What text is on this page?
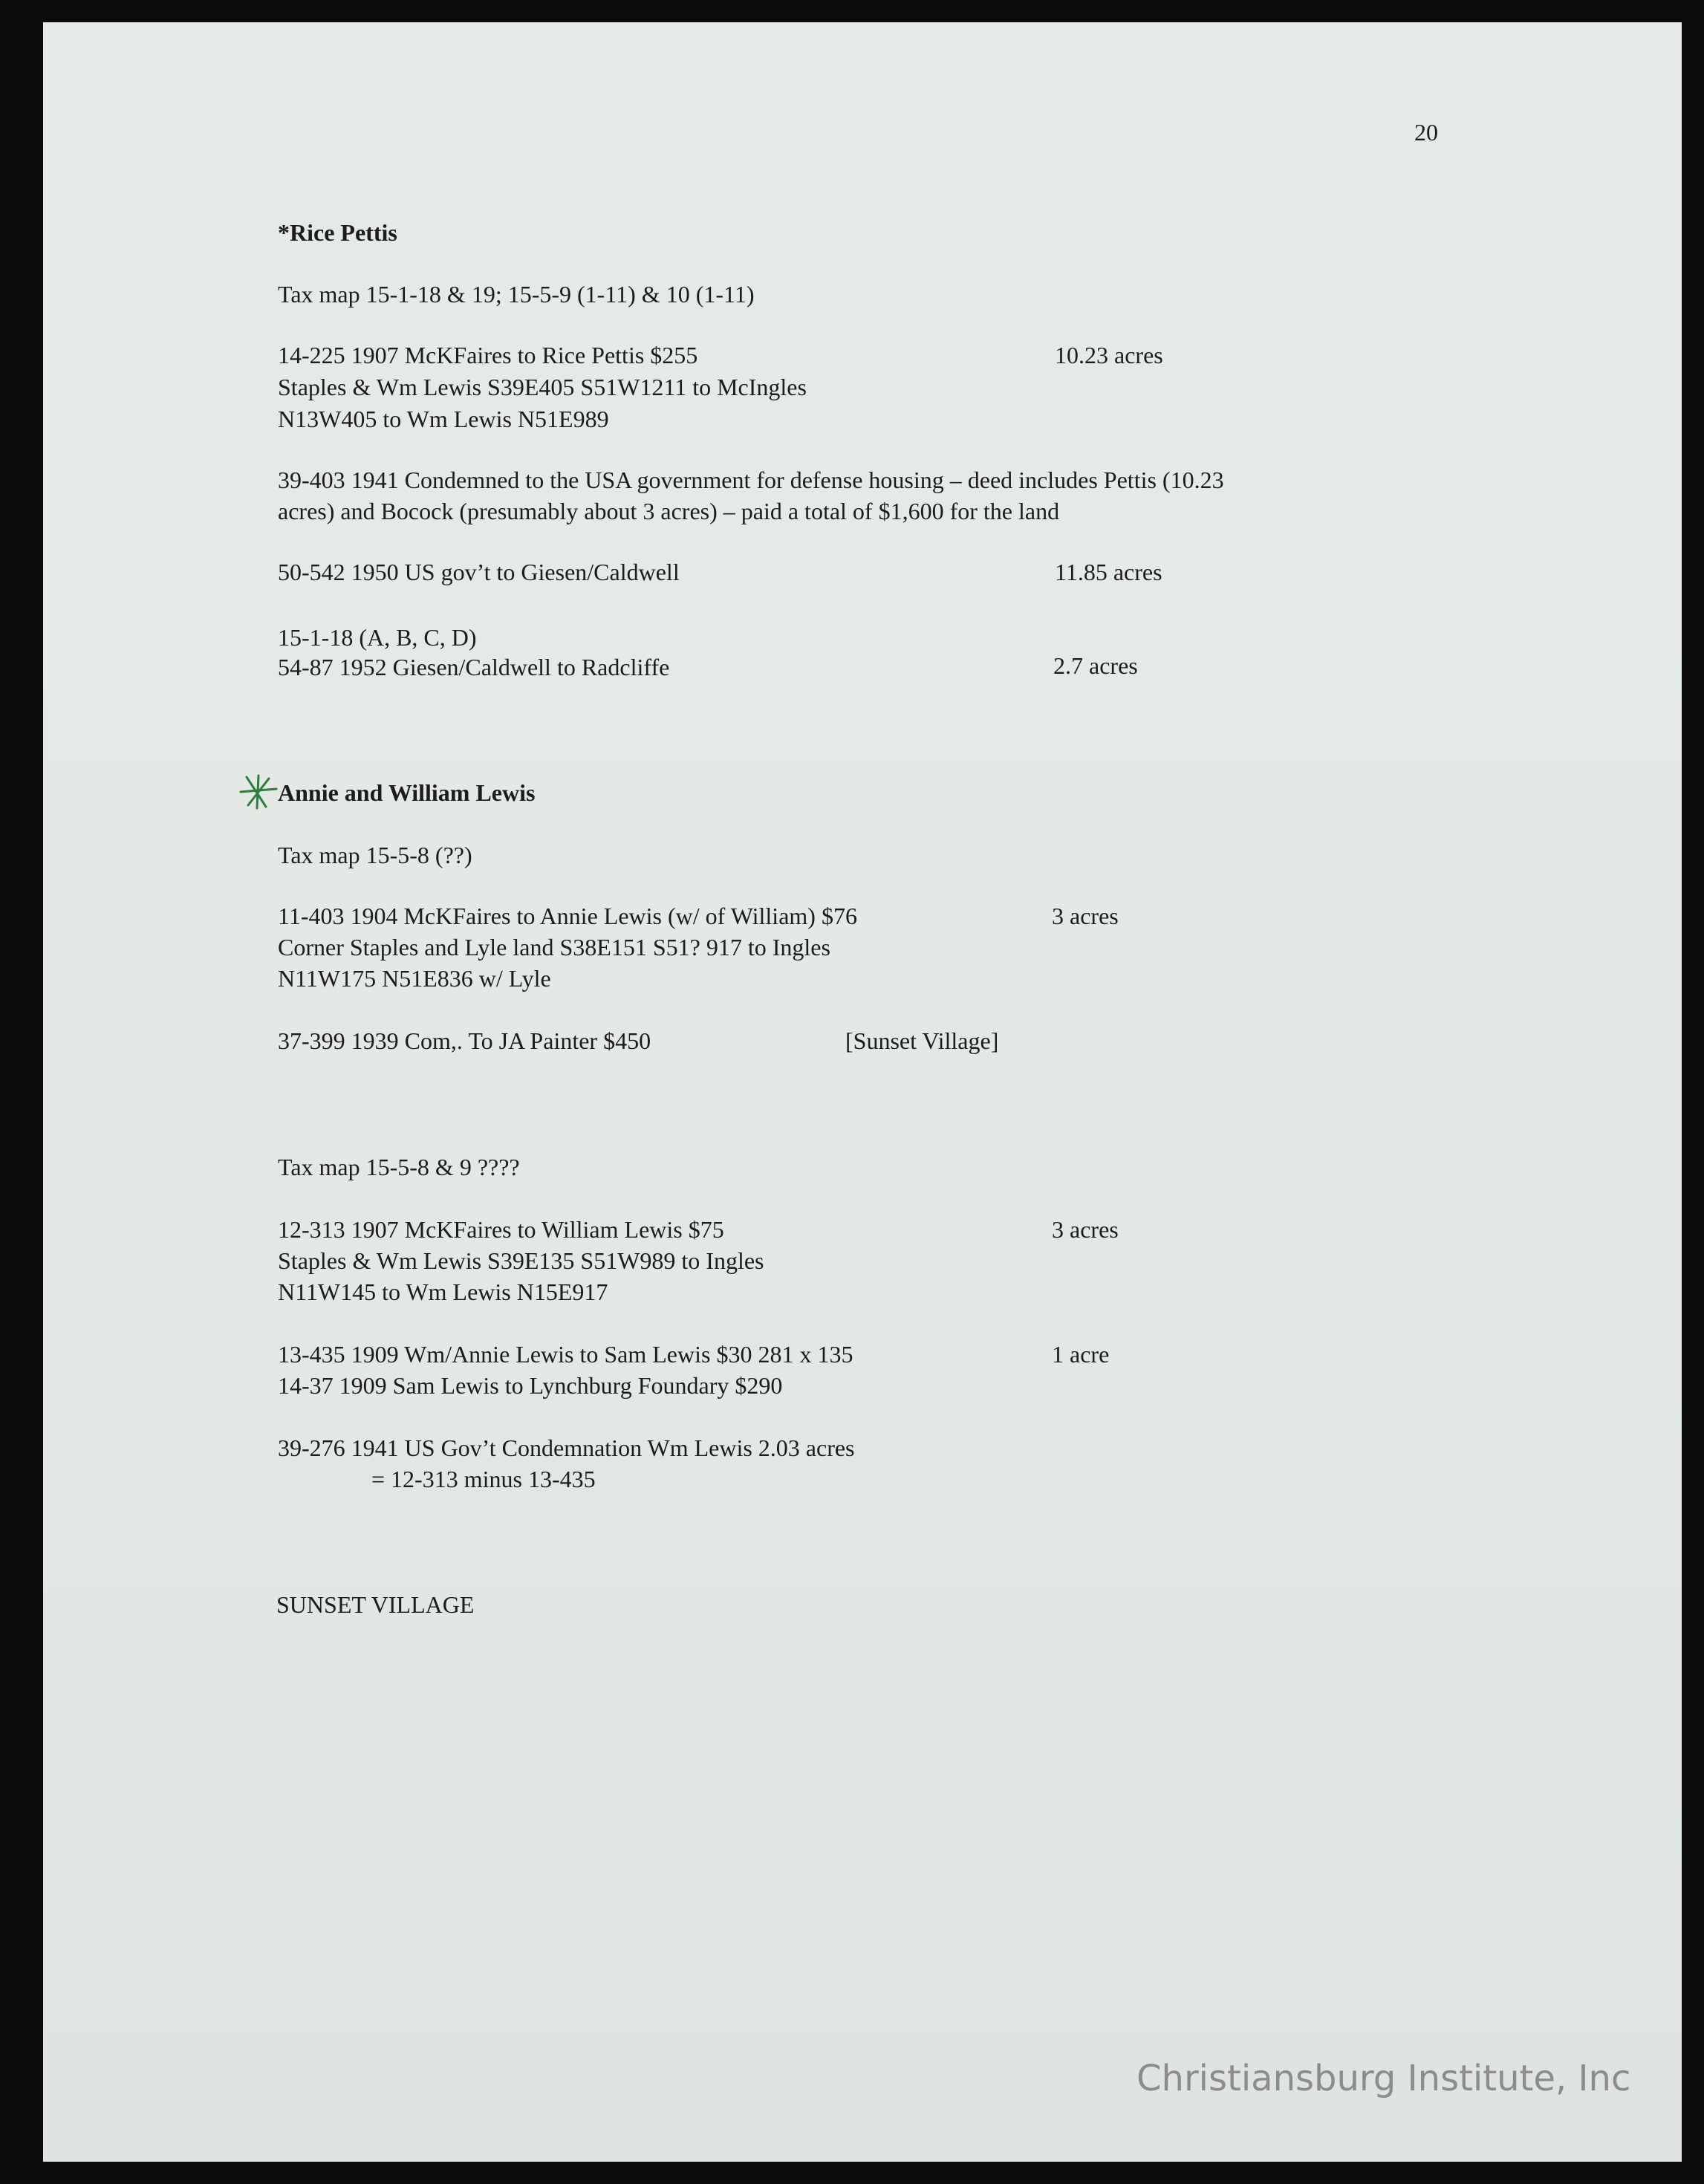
20

*Rice Pettis

Tax map 15-1-18 & 19; 15-5-9 (1-11) & 10 (1-11)

14-225 1907 McKFaires to Rice Pettis $255	10.23 acres

Staples & Wm Lewis S39E405 S51W1211 to McIngles

N13W405 to Wm Lewis N51E989

39-403 1941 Condemned to the USA government for defense housing – deed includes Pettis (10.23

acres) and Bocock (presumably about 3 acres) – paid a total of $1,600 for the land

50-542 1950 US gov’t to Giesen/Caldwell	11.85 acres

15-1-18 (A, B, C, D)

54-87 1952 Giesen/Caldwell to Radcliffe	2.7 acres

Annie and William Lewis

Tax map 15-5-8 (??)

11-403 1904 McKFaires to Annie Lewis (w/ of William) $76	3 acres

Corner Staples and Lyle land S38E151 S51? 917 to Ingles

N11W175 N51E836 w/ Lyle

37-399 1939 Com,. To JA Painter $450	[Sunset Village]

Tax map 15-5-8 & 9 ????

12-313 1907 McKFaires to William Lewis $75	3 acres

Staples & Wm Lewis S39E135 S51W989 to Ingles

N11W145 to Wm Lewis N15E917

13-435 1909 Wm/Annie Lewis to Sam Lewis $30 281 x 135	1 acre

14-37 1909 Sam Lewis to Lynchburg Foundary $290

39-276 1941 US Gov’t Condemnation Wm Lewis 2.03 acres

= 12-313 minus 13-435

SUNSET VILLAGE

Christiansburg Institute, Inc
